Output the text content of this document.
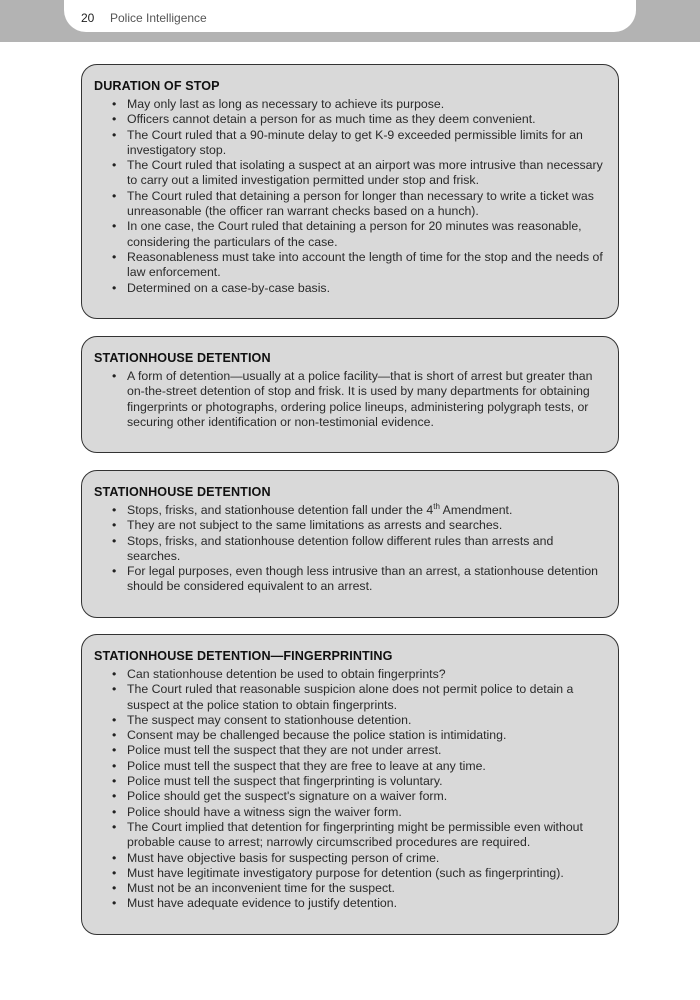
20 Police Intelligence
DURATION OF STOP
• May only last as long as necessary to achieve its purpose.
• Officers cannot detain a person for as much time as they deem convenient.
• The Court ruled that a 90-minute delay to get K-9 exceeded permissible limits for an investigatory stop.
• The Court ruled that isolating a suspect at an airport was more intrusive than necessary to carry out a limited investigation permitted under stop and frisk.
• The Court ruled that detaining a person for longer than necessary to write a ticket was unreasonable (the officer ran warrant checks based on a hunch).
• In one case, the Court ruled that detaining a person for 20 minutes was reasonable, considering the particulars of the case.
• Reasonableness must take into account the length of time for the stop and the needs of law enforcement.
• Determined on a case-by-case basis.
STATIONHOUSE DETENTION
• A form of detention—usually at a police facility—that is short of arrest but greater than on-the-street detention of stop and frisk. It is used by many departments for obtaining fingerprints or photographs, ordering police lineups, administering polygraph tests, or securing other identification or non-testimonial evidence.
STATIONHOUSE DETENTION
• Stops, frisks, and stationhouse detention fall under the 4th Amendment.
• They are not subject to the same limitations as arrests and searches.
• Stops, frisks, and stationhouse detention follow different rules than arrests and searches.
• For legal purposes, even though less intrusive than an arrest, a stationhouse detention should be considered equivalent to an arrest.
STATIONHOUSE DETENTION—FINGERPRINTING
• Can stationhouse detention be used to obtain fingerprints?
• The Court ruled that reasonable suspicion alone does not permit police to detain a suspect at the police station to obtain fingerprints.
• The suspect may consent to stationhouse detention.
• Consent may be challenged because the police station is intimidating.
• Police must tell the suspect that they are not under arrest.
• Police must tell the suspect that they are free to leave at any time.
• Police must tell the suspect that fingerprinting is voluntary.
• Police should get the suspect's signature on a waiver form.
• Police should have a witness sign the waiver form.
• The Court implied that detention for fingerprinting might be permissible even without probable cause to arrest; narrowly circumscribed procedures are required.
• Must have objective basis for suspecting person of crime.
• Must have legitimate investigatory purpose for detention (such as fingerprinting).
• Must not be an inconvenient time for the suspect.
• Must have adequate evidence to justify detention.
